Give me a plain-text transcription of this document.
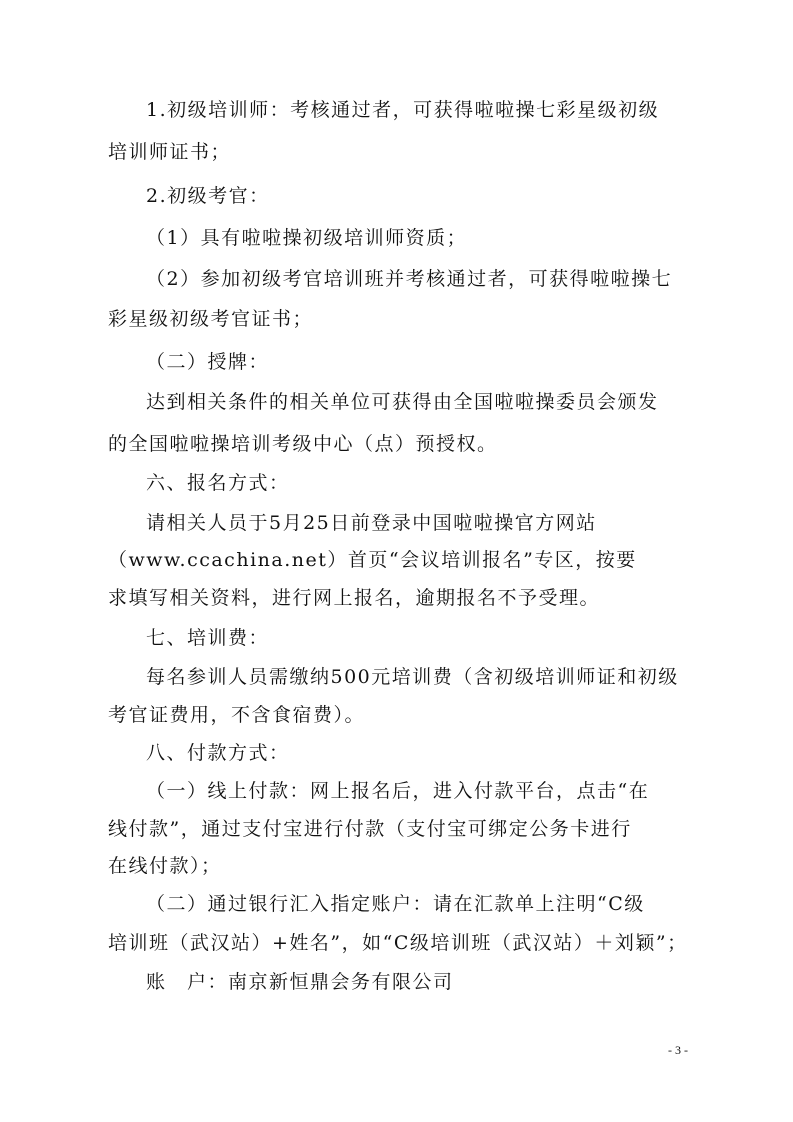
1.初级培训师：考核通过者，可获得啦啦操七彩星级初级
培训师证书；
2.初级考官：
（1）具有啦啦操初级培训师资质；
（2）参加初级考官培训班并考核通过者，可获得啦啦操七
彩星级初级考官证书；
（二）授牌：
达到相关条件的相关单位可获得由全国啦啦操委员会颁发
的全国啦啦操培训考级中心（点）预授权。
六、报名方式：
请相关人员于5月25日前登录中国啦啦操官方网站
（www.ccachina.net）首页“会议培训报名”专区，按要
求填写相关资料，进行网上报名，逾期报名不予受理。
七、培训费：
每名参训人员需缴纳500元培训费（含初级培训师证和初级
考官证费用，不含食宿费）。
八、付款方式：
（一）线上付款：网上报名后，进入付款平台，点击“在
线付款”，通过支付宝进行付款（支付宝可绑定公务卡进行
在线付款）；
（二）通过银行汇入指定账户：请在汇款单上注明“C级
培训班（武汉站）+姓名”，如“C级培训班（武汉站）＋刘颖”；
账　户：南京新恒鼎会务有限公司
- 3 -
